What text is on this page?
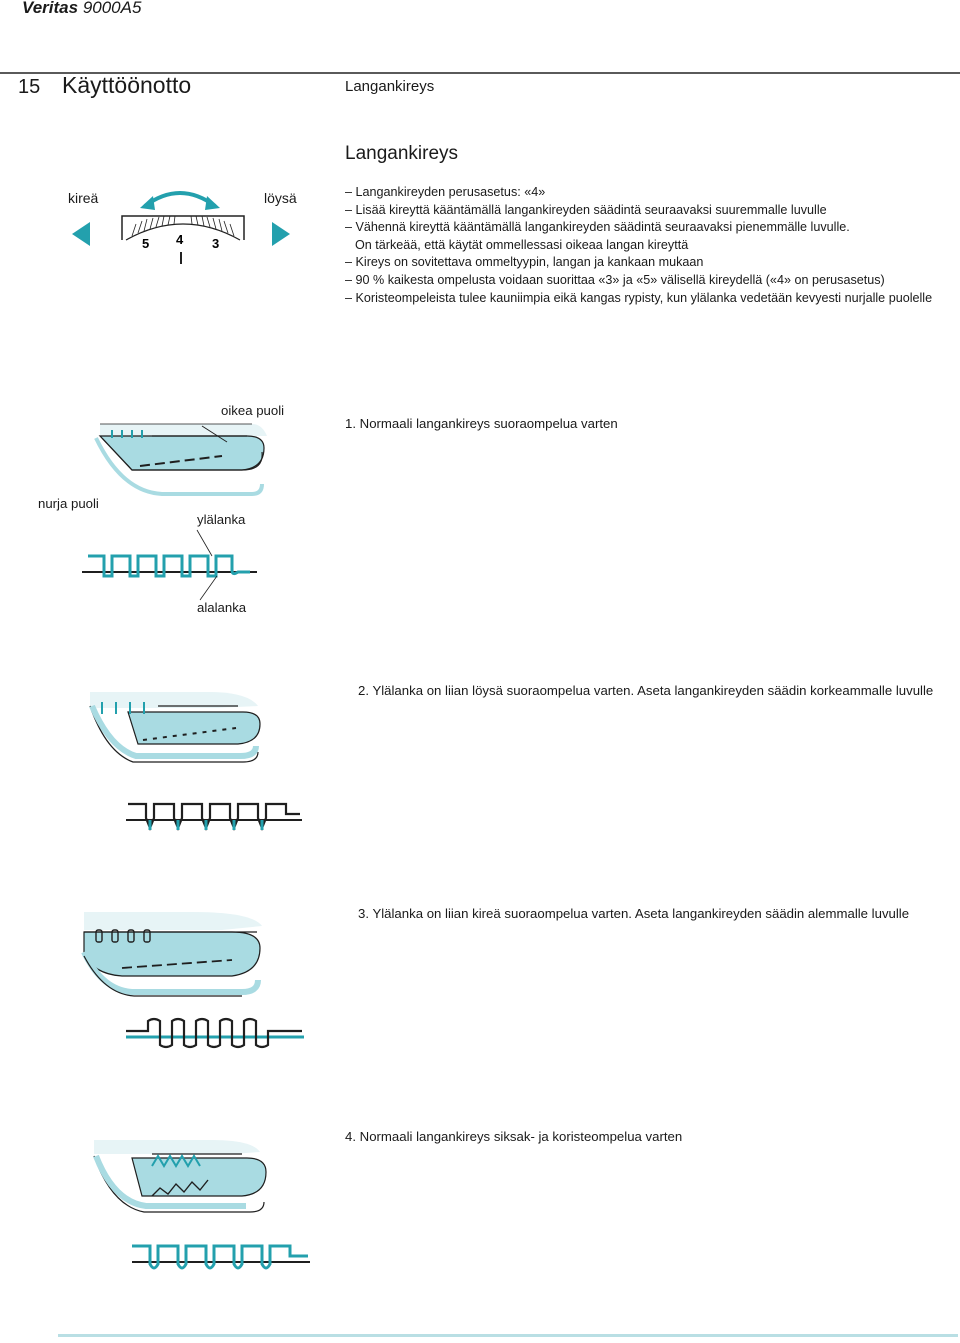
Veritas 9000A5
15 Käyttöönotto	Langankireys
Langankireys
kireä	löysä
5 4 3
– Langankireyden perusasetus: «4»
– Lisää kireyttä kääntämällä langankireyden säädintä seuraavaksi suuremmalle luvulle
– Vähennä kireyttä kääntämällä langankireyden säädintä seuraavaksi pienemmälle luvulle.
On tärkeää, että käytät ommellessasi oikeaa langan kireyttä
– Kireys on sovitettava ommeltyypin, langan ja kankaan mukaan
– 90 % kaikesta ompelusta voidaan suorittaa «3» ja «5» välisellä kireydellä («4» on perusasetus)
– Koristeompeleista tulee kauniimpia eikä kangas rypisty, kun ylälanka vedetään kevyesti nurjalle puolelle
oikea puoli
nurja puoli
ylälanka
alalanka
1. Normaali langankireys suoraompelua varten
2. Ylälanka on liian löysä suoraompelua varten. Aseta langankireyden säädin korkeammalle luvulle
3. Ylälanka on liian kireä suoraompelua varten. Aseta langankireyden säädin alemmalle luvulle
4. Normaali langankireys siksak- ja koristeompelua varten
